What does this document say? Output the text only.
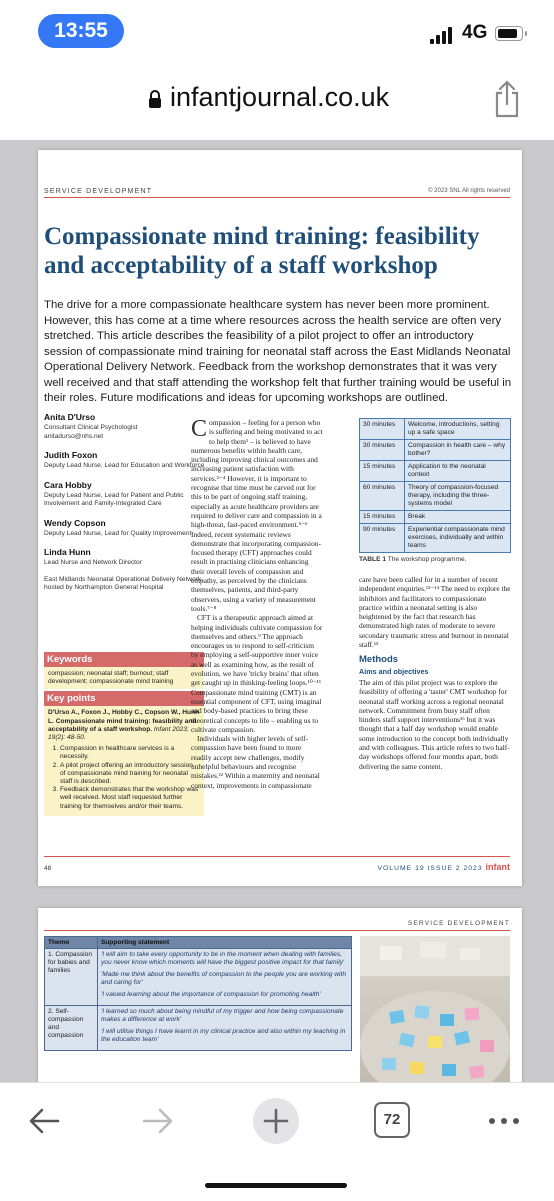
13:55	4G
infantjournal.co.uk
SERVICE DEVELOPMENT	© 2023 SNL All rights reserved
Compassionate mind training: feasibility and acceptability of a staff workshop
The drive for a more compassionate healthcare system has never been more prominent. However, this has come at a time where resources across the health service are often very stretched. This article describes the feasibility of a pilot project to offer an introductory session of compassionate mind training for neonatal staff across the East Midlands Neonatal Operational Delivery Network. Feedback from the workshop demonstrates that it was very well received and that staff attending the workshop felt that further training would be useful in their roles. Future modifications and ideas for upcoming workshops are outlined.
Anita D'Urso
Consultant Clinical Psychologist
anitadurso@nhs.net
Judith Foxon
Deputy Lead Nurse, Lead for Education and Workforce
Cara Hobby
Deputy Lead Nurse, Lead for Patient and Public Involvement and Family-Integrated Care
Wendy Copson
Deputy Lead Nurse, Lead for Quality Improvement
Linda Hunn
Lead Nurse and Network Director
East Midlands Neonatal Operational Delivery Network, hosted by Northampton General Hospital
Keywords
compassion; neonatal staff; burnout; staff development; compassionate mind training
Key points
D'Urso A., Foxon J., Hobby C., Copson W., Hunn L. Compassionate mind training: feasibility and acceptability of a staff workshop. Infant 2023; 19(2): 48-50.
1. Compassion in healthcare services is a necessity.
2. A pilot project offering an introductory session of compassionate mind training for neonatal staff is described.
3. Feedback demonstrates that the workshop was well received. Most staff requested further training for themselves and/or their teams.

Compassion – feeling for a person who is suffering and being motivated to act to help them¹ – is believed to have numerous benefits within health care, including improving clinical outcomes and increasing patient satisfaction with services.²⁻⁴ However, it is important to recognise that time must be carved out for this to be part of ongoing staff training, especially as acute healthcare providers are required to deliver care and compassion in a high-threat, fast-paced environment.⁵⁻⁶ Indeed, recent systematic reviews demonstrate that incorporating compassion-focused therapy (CFT) approaches could result in practising clinicians enhancing their overall levels of compassion and empathy, as perceived by the clinicians themselves, patients, and third-party observers, using a variety of measurement tools.⁷⁻⁸

CFT is a therapeutic approach aimed at helping individuals cultivate compassion for themselves and others.⁹ The approach encourages us to respond to self-criticism by employing a self-supportive inner voice as well as examining how, as the result of evolution, we have 'tricky brains' that often get caught up in thinking-feeling loops.¹⁰⁻¹¹ Compassionate mind training (CMT) is an essential component of CFT, using imaginal and body-based practices to bring these theoretical concepts to life – enabling us to cultivate compassion.

Individuals with higher levels of self-compassion have been found to more readily accept new challenges, modify unhelpful behaviours and recognise mistakes.¹² Within a maternity and neonatal context, improvements in compassionate

30 minutes	Welcome, introductions, setting up a safe space
30 minutes	Compassion in health care – why bother?
15 minutes	Application to the neonatal context
60 minutes	Theory of compassion-focused therapy, including the three-systems model
15 minutes	Break
90 minutes	Experiential compassionate mind exercises, individually and within teams
TABLE 1 The workshop programme.

care have been called for in a number of recent independent enquiries.¹³⁻¹⁴ The need to explore the inhibitors and facilitators to compassionate practice within a neonatal setting is also heightened by the fact that research has demonstrated high rates of moderate to severe secondary traumatic stress and burnout in neonatal staff.¹⁵

Methods
Aims and objectives

The aim of this pilot project was to explore the feasibility of offering a 'taster' CMT workshop for neonatal staff working across a regional neonatal network. Commitment from busy staff often hinders staff support interventions¹⁶ but it was thought that a half day workshop would enable some introduction to the concept both individually and with colleagues. This article refers to two half-day workshops offered four months apart, both delivering the same content.

48	VOLUME 19 ISSUE 2 2023 infant
SERVICE DEVELOPMENT
Theme	Supporting statement
1. Compassion for babies and families	'I will aim to take every opportunity to be in the moment when dealing with families, you never know which moments will have the biggest positive impact for that family'
'Made me think about the benefits of compassion to the people you are working with and caring for'
'I valued learning about the importance of compassion for promoting health'

2. Self-compassion and compassion	'I learned so much about being mindful of my trigger and how being compassionate makes a difference at work'
'I will utilise things I have learnt in my clinical practice and also within my teaching in the education team'
72
